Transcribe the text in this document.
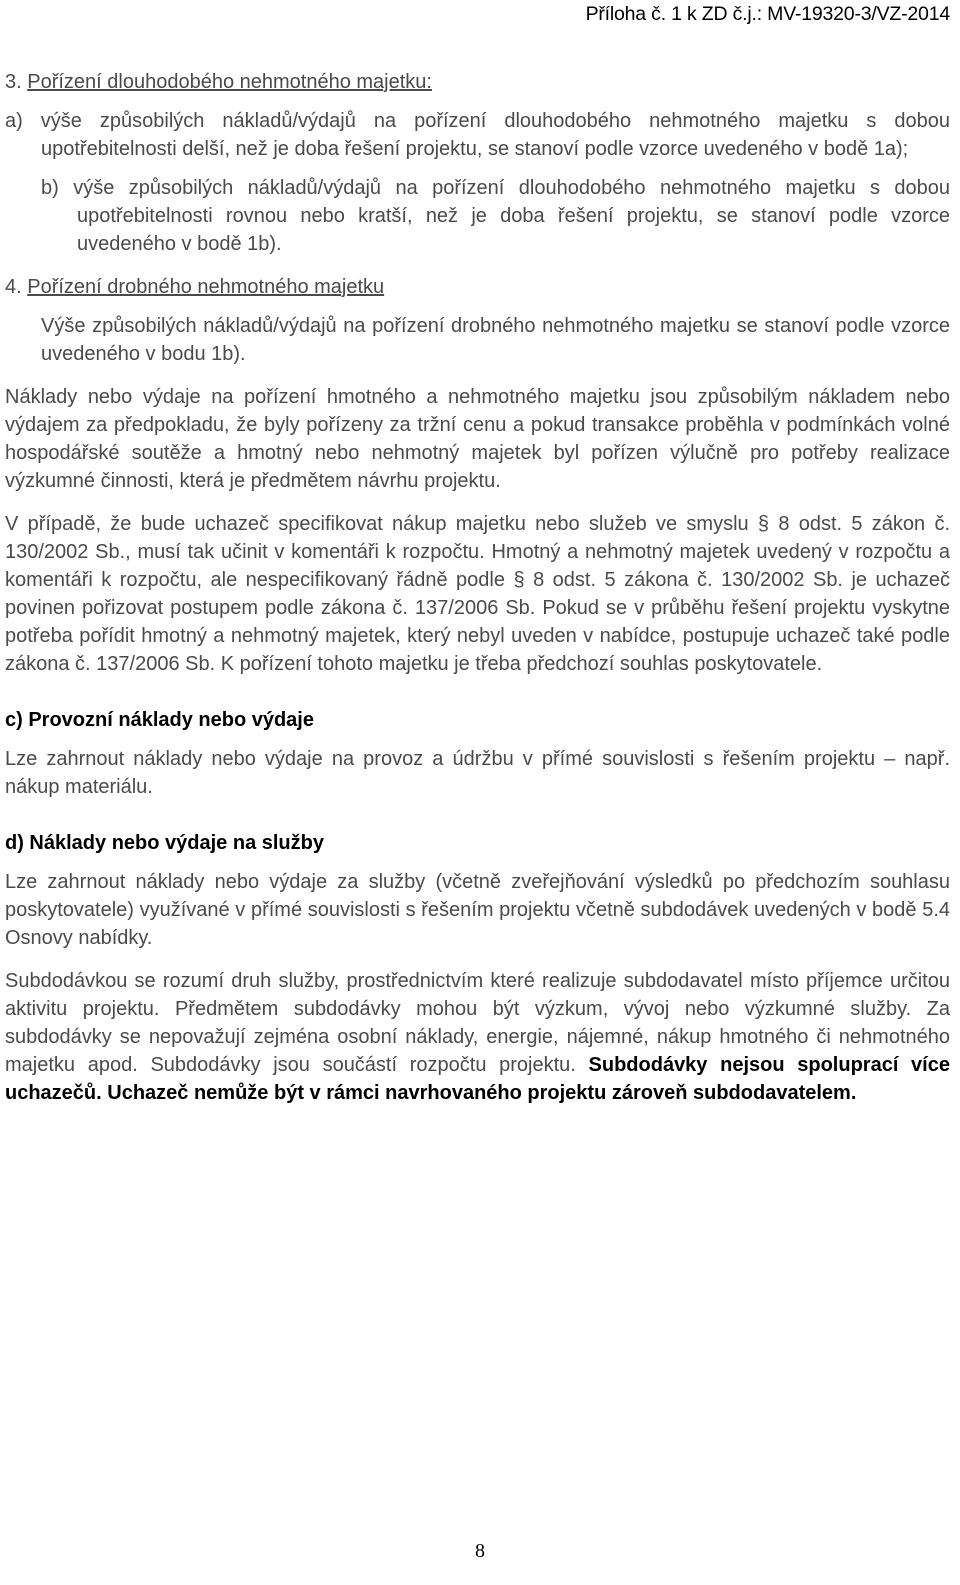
Příloha č. 1 k ZD č.j.: MV-19320-3/VZ-2014

3. Pořízení dlouhodobého nehmotného majetku:

a) výše způsobilých nákladů/výdajů na pořízení dlouhodobého nehmotného majetku s dobou upotřebitelnosti delší, než je doba řešení projektu, se stanoví podle vzorce uvedeného v bodě 1a);

b) výše způsobilých nákladů/výdajů na pořízení dlouhodobého nehmotného majetku s dobou upotřebitelnosti rovnou nebo kratší, než je doba řešení projektu, se stanoví podle vzorce uvedeného v bodě 1b).

4. Pořízení drobného nehmotného majetku

Výše způsobilých nákladů/výdajů na pořízení drobného nehmotného majetku se stanoví podle vzorce uvedeného v bodu 1b).

Náklady nebo výdaje na pořízení hmotného a nehmotného majetku jsou způsobilým nákladem nebo výdajem za předpokladu, že byly pořízeny za tržní cenu a pokud transakce proběhla v podmínkách volné hospodářské soutěže a hmotný nebo nehmotný majetek byl pořízen výlučně pro potřeby realizace výzkumné činnosti, která je předmětem návrhu projektu.

V případě, že bude uchazeč specifikovat nákup majetku nebo služeb ve smyslu § 8 odst. 5 zákon č. 130/2002 Sb., musí tak učinit v komentáři k rozpočtu. Hmotný a nehmotný majetek uvedený v rozpočtu a komentáři k rozpočtu, ale nespecifikovaný řádně podle § 8 odst. 5 zákona č. 130/2002 Sb. je uchazeč povinen pořizovat postupem podle zákona č. 137/2006 Sb. Pokud se v průběhu řešení projektu vyskytne potřeba pořídit hmotný a nehmotný majetek, který nebyl uveden v nabídce, postupuje uchazeč také podle zákona č. 137/2006 Sb. K pořízení tohoto majetku je třeba předchozí souhlas poskytovatele.

c) Provozní náklady nebo výdaje

Lze zahrnout náklady nebo výdaje na provoz a údržbu v přímé souvislosti s řešením projektu – např. nákup materiálu.

d) Náklady nebo výdaje na služby

Lze zahrnout náklady nebo výdaje za služby (včetně zveřejňování výsledků po předchozím souhlasu poskytovatele) využívané v přímé souvislosti s řešením projektu včetně subdodávek uvedených v bodě 5.4 Osnovy nabídky.

Subdodávkou se rozumí druh služby, prostřednictvím které realizuje subdodavatel místo příjemce určitou aktivitu projektu. Předmětem subdodávky mohou být výzkum, vývoj nebo výzkumné služby. Za subdodávky se nepovažují zejména osobní náklady, energie, nájemné, nákup hmotného či nehmotného majetku apod. Subdodávky jsou součástí rozpočtu projektu. Subdodávky nejsou spoluprací více uchazečů. Uchazeč nemůže být v rámci navrhovaného projektu zároveň subdodavatelem.

8
